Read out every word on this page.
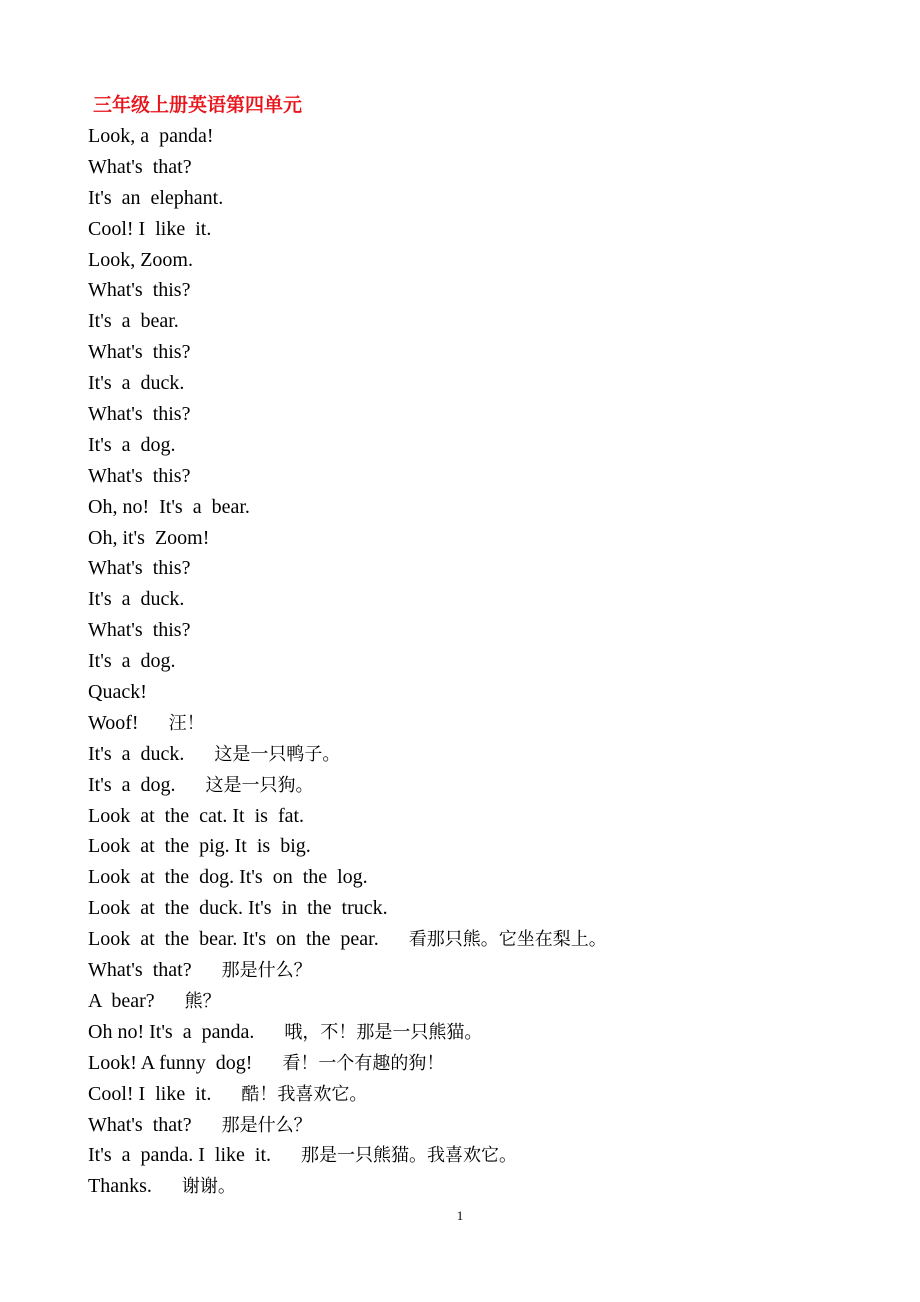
三年级上册英语第四单元
Look, a  panda!
What's  that?
It's  an  elephant.
Cool! I  like  it.
Look, Zoom.
What's  this?
It's  a  bear.
What's  this?
It's  a  duck.
What's  this?
It's  a  dog.
What's  this?
Oh, no!  It's  a  bear.
Oh, it's  Zoom!
What's  this?
It's  a  duck.
What's  this?
It's  a  dog.
Quack!
Woof! 汪！
It's  a  duck. 这是一只鸭子。
It's  a  dog. 这是一只狗。
Look  at  the  cat. It  is  fat.
Look  at  the  pig. It  is  big.
Look  at  the  dog. It's  on  the  log.
Look  at  the  duck. It's  in  the  truck.
Look  at  the  bear. It's  on  the  pear. 看那只熊。它坐在梨上。
What's  that? 那是什么？
A  bear? 熊？
Oh no! It's  a  panda. 哦，不！那是一只熊猫。
Look! A funny  dog! 看！一个有趣的狗！
Cool! I  like  it. 酷！我喜欢它。
What's  that? 那是什么？
It's  a  panda. I  like  it. 那是一只熊猫。我喜欢它。
Thanks. 谢谢。
1
